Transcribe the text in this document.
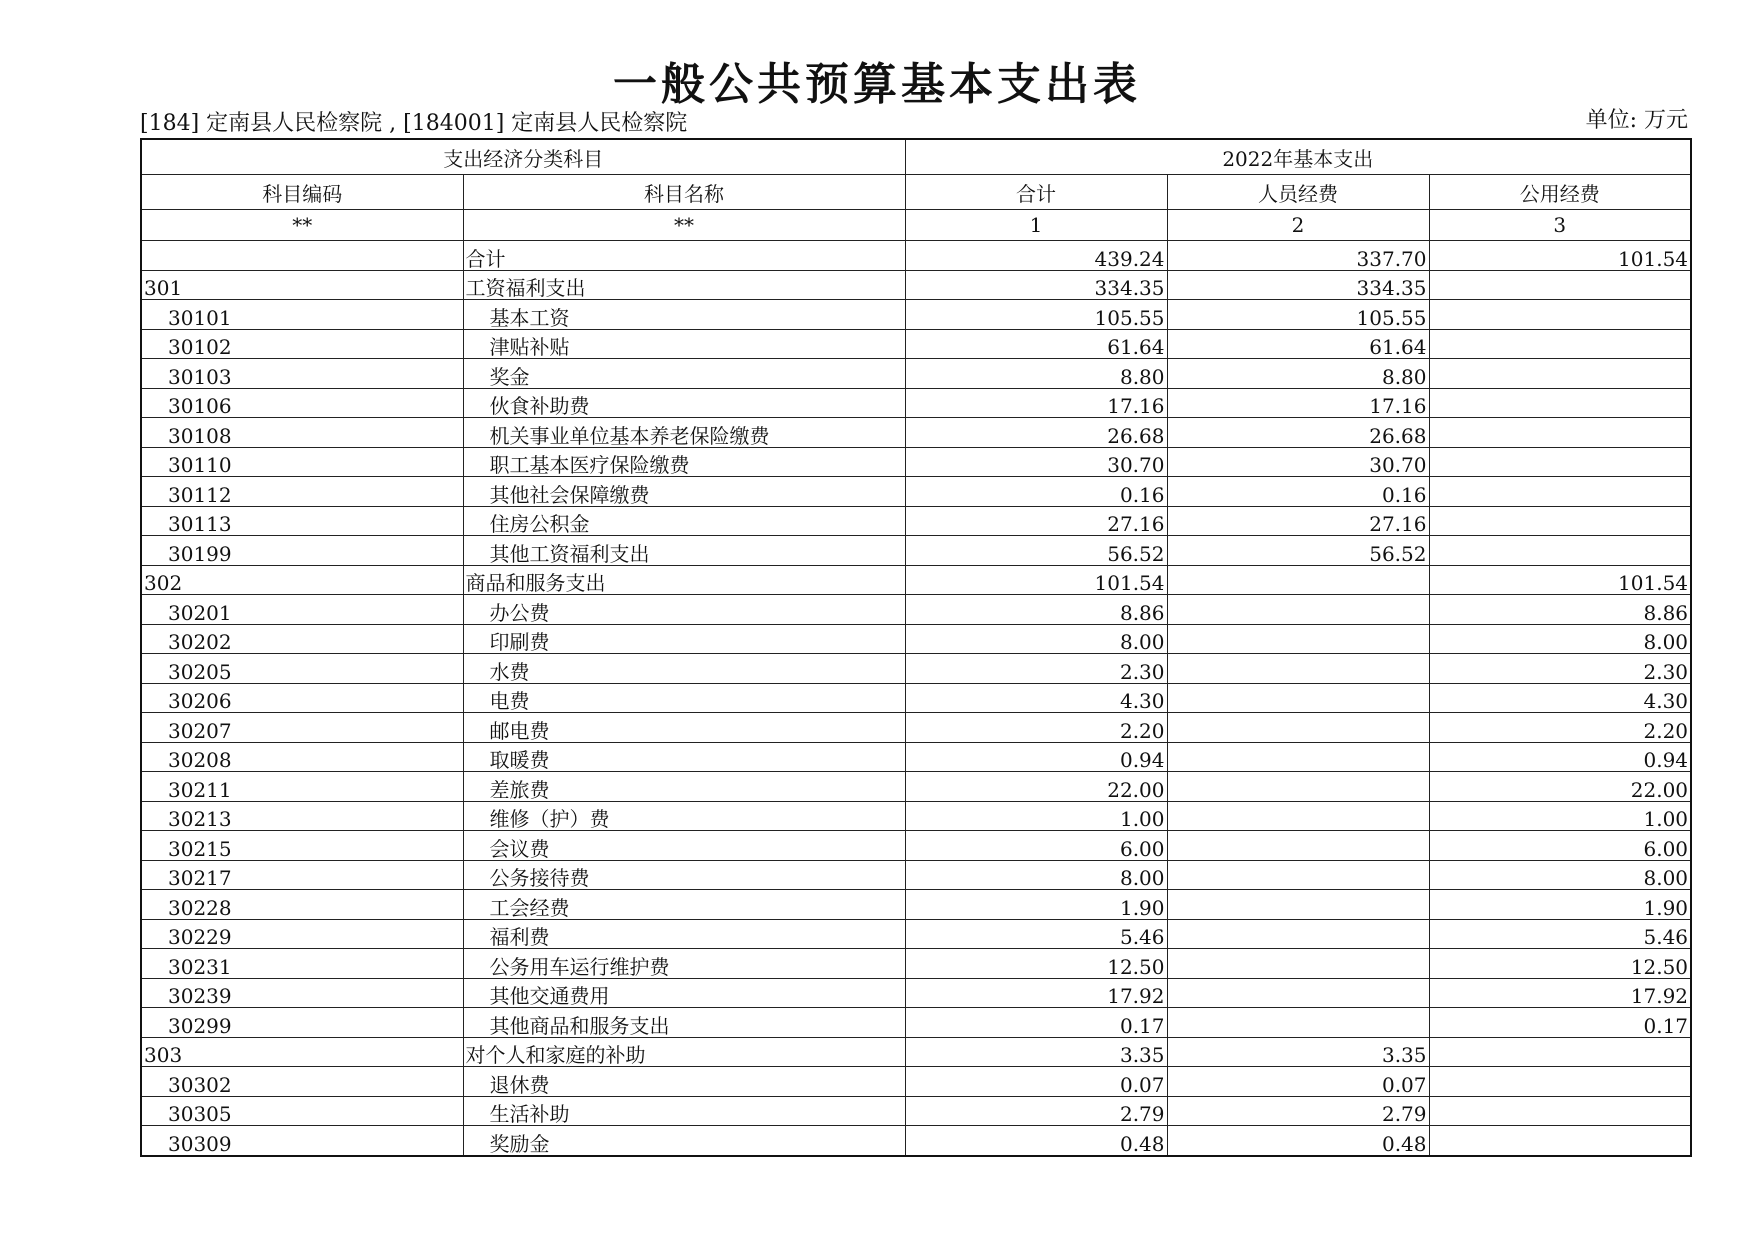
一般公共预算基本支出表
[184] 定南县人民检察院 , [184001] 定南县人民检察院	单位: 万元
支出经济分类科目		2022年基本支出		
科目编码	科目名称	合计	人员经费	公用经费
**	**	1	2	3
	合计	439.24	337.70	101.54
301	工资福利支出	334.35	334.35	
30101	基本工资	105.55	105.55	
30102	津贴补贴	61.64	61.64	
30103	奖金	8.80	8.80	
30106	伙食补助费	17.16	17.16	
30108	机关事业单位基本养老保险缴费	26.68	26.68	
30110	职工基本医疗保险缴费	30.70	30.70	
30112	其他社会保障缴费	0.16	0.16	
30113	住房公积金	27.16	27.16	
30199	其他工资福利支出	56.52	56.52	
302	商品和服务支出	101.54		101.54
30201	办公费	8.86		8.86
30202	印刷费	8.00		8.00
30205	水费	2.30		2.30
30206	电费	4.30		4.30
30207	邮电费	2.20		2.20
30208	取暖费	0.94		0.94
30211	差旅费	22.00		22.00
30213	维修（护）费	1.00		1.00
30215	会议费	6.00		6.00
30217	公务接待费	8.00		8.00
30228	工会经费	1.90		1.90
30229	福利费	5.46		5.46
30231	公务用车运行维护费	12.50		12.50
30239	其他交通费用	17.92		17.92
30299	其他商品和服务支出	0.17		0.17
303	对个人和家庭的补助	3.35	3.35	
30302	退休费	0.07	0.07	
30305	生活补助	2.79	2.79	
30309	奖励金	0.48	0.48	
